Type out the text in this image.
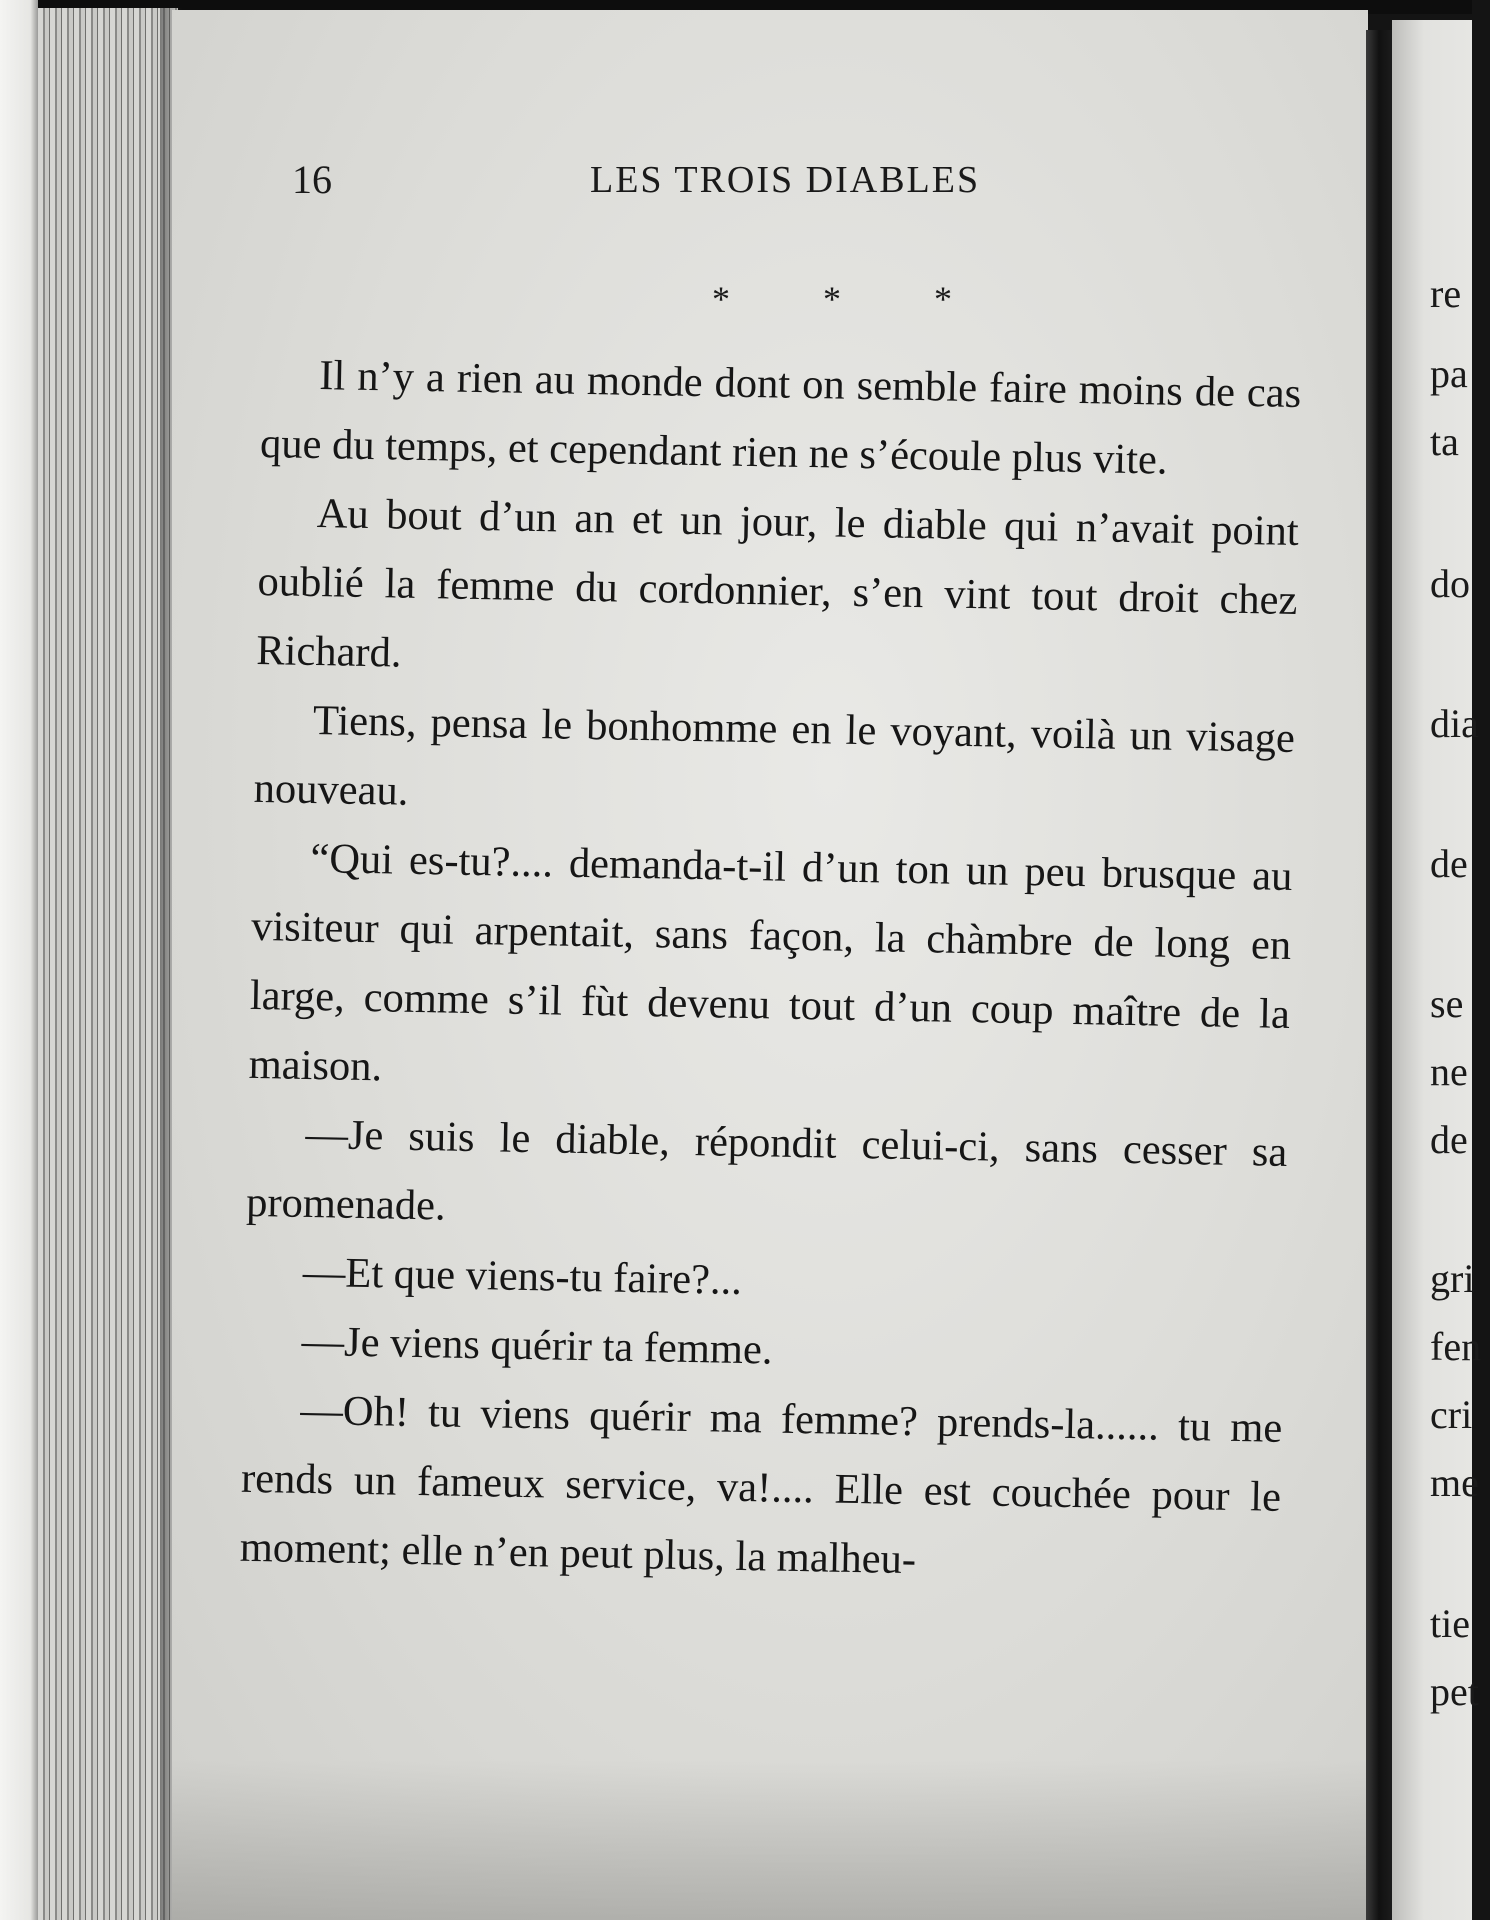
16	LES TROIS DIABLES
* * *

Il n’y a rien au monde dont on semble faire moins de cas que du temps, et cependant rien ne s’écoule plus vite.

Au bout d’un an et un jour, le diable qui n’avait point oublié la femme du cordonnier, s’en vint tout droit chez Richard.

Tiens, pensa le bonhomme en le voyant, voilà un visage nouveau.

“Qui es-tu?.... demanda-t-il d’un ton un peu brusque au visiteur qui arpentait, sans façon, la chàmbre de long en large, comme s’il fùt devenu tout d’un coup maître de la maison.

—Je suis le diable, répondit celui-ci, sans cesser sa promenade.

—Et que viens-tu faire?...

—Je viens quérir ta femme.

—Oh! tu viens quérir ma femme? prends-la...... tu me rends un fameux service, va!.... Elle est couchée pour le moment; elle n’en peut plus, la malheu-

re
pa
ta
do
dia
de
se
ne
de
gri
fen
cri
me
tie
pet
